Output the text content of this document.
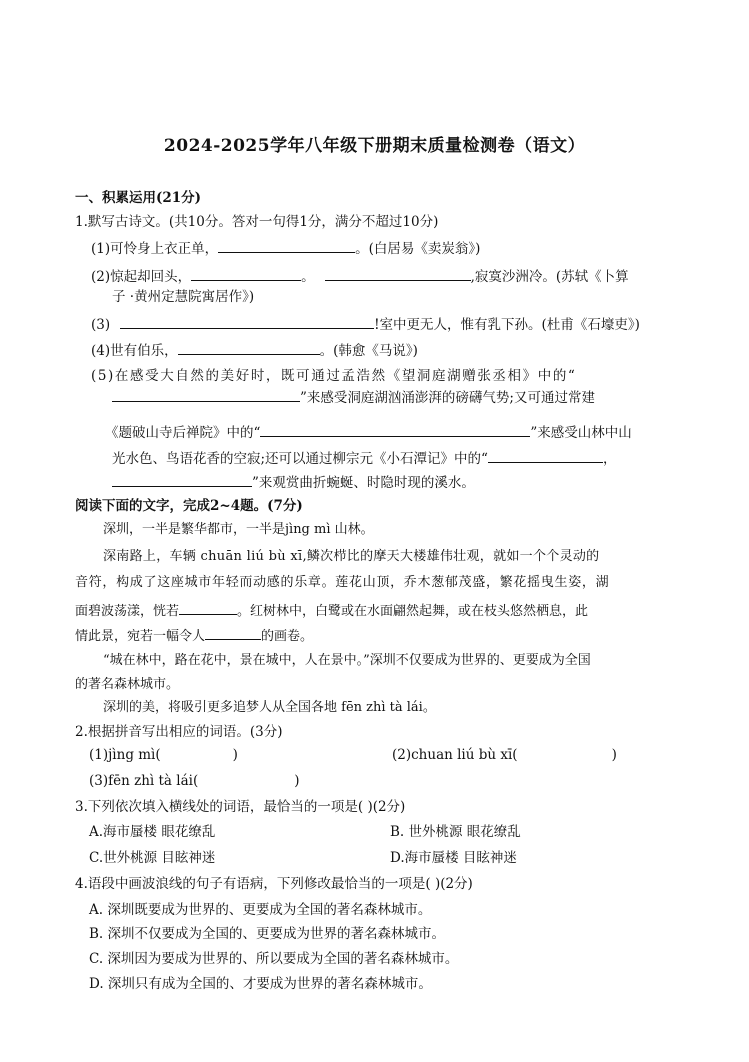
2024-2025学年八年级下册期末质量检测卷（语文）
一、积累运用(21分)
1.默写古诗文。(共10分。答对一句得1分，满分不超过10分)
(1)可怜身上衣正单，	。(白居易《卖炭翁》)
(2)惊起却回头，	。	,寂寞沙洲冷。(苏轼《卜算
子 ·黄州定慧院寓居作》)
(3)	!室中更无人，惟有乳下孙。(杜甫《石壕吏》)
(4)世有伯乐，	。(韩愈《马说》)
(5)在感受大自然的美好时，既可通过孟浩然《望洞庭湖赠张丞相》中的“
”来感受洞庭湖汹涌澎湃的磅礴气势;又可通过常建
《题破山寺后禅院》中的“	”来感受山林中山
光水色、鸟语花香的空寂;还可以通过柳宗元《小石潭记》中的“	，
”来观赏曲折蜿蜒、时隐时现的溪水。
阅读下面的文字，完成2~4题。(7分)
深圳，一半是繁华都市，一半是jìng mì 山林。
深南路上，车辆 chuān liú bù xī,鳞次栉比的摩天大楼雄伟壮观，就如一个个灵动的
音符，构成了这座城市年轻而动感的乐章。莲花山顶，乔木葱郁茂盛，繁花摇曳生姿，湖
面碧波荡漾，恍若	。红树林中，白鹭或在水面翩然起舞，或在枝头悠然栖息，此
情此景，宛若一幅令人	的画卷。
“城在林中，路在花中，景在城中，人在景中。”深圳不仅要成为世界的、更要成为全国
的著名森林城市。
深圳的美，将吸引更多追梦人从全国各地 fēn zhì tà lái。
2.根据拼音写出相应的词语。(3分)
(1)jìng mì(	)	(2)chuan liú bù xī(	)
(3)fēn zhì tà lái(	)
3.下列依次填入横线处的词语，最恰当的一项是( )(2分)
A.海市蜃楼 眼花缭乱	B. 世外桃源 眼花缭乱
C.世外桃源 目眩神迷	D.海市蜃楼 目眩神迷
4.语段中画波浪线的句子有语病，下列修改最恰当的一项是( )(2分)
A. 深圳既要成为世界的、更要成为全国的著名森林城市。
B. 深圳不仅要成为全国的、更要成为世界的著名森林城市。
C. 深圳因为要成为世界的、所以要成为全国的著名森林城市。
D. 深圳只有成为全国的、才要成为世界的著名森林城市。
